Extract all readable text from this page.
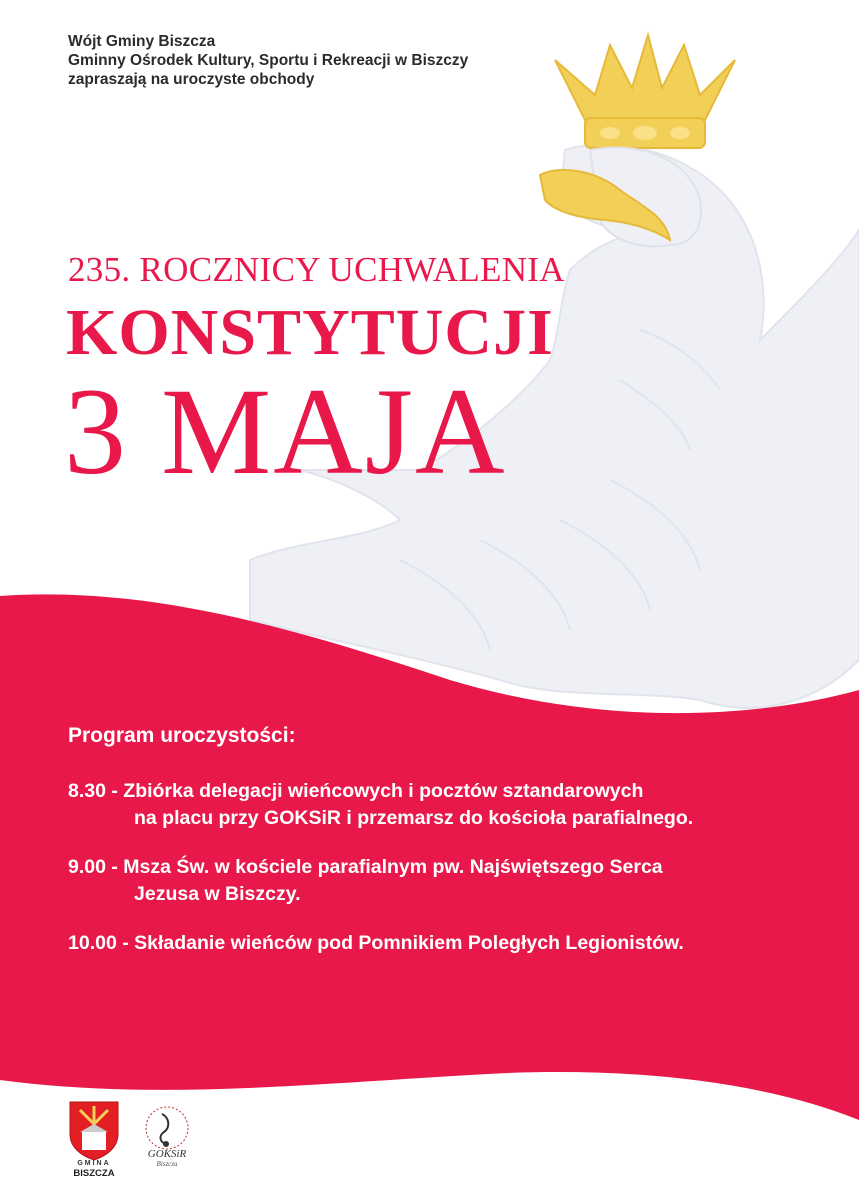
Wójt Gminy Biszcza
Gminny Ośrodek Kultury, Sportu i Rekreacji w Biszczy
zapraszają na uroczyste obchody
235. ROCZNICY UCHWALENIA
KONSTYTUCJI
3 MAJA
Program uroczystości:
8.30 - Zbiórka delegacji wieńcowych i pocztów sztandarowych
na placu przy GOKSiR i przemarsz do kościoła parafialnego.
9.00 - Msza Św. w kościele parafialnym pw. Najświętszego Serca
Jezusa w Biszczy.
10.00 - Składanie wieńców pod Pomnikiem Poległych Legionistów.
GMINA
BISZCZA
GOKSiR
Biszcza
